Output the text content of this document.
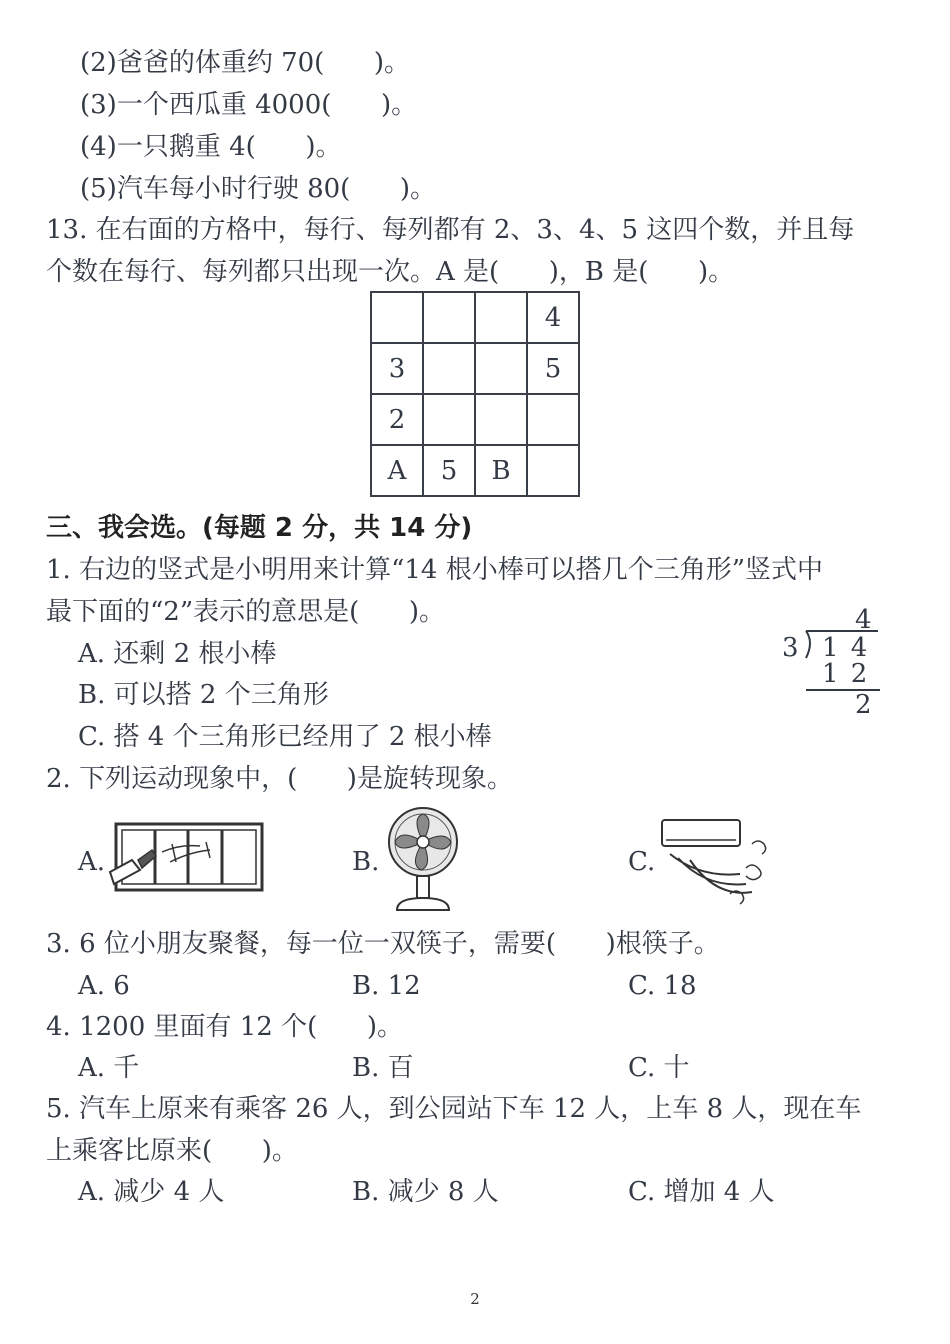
(2)爸爸的体重约 70(      )。
(3)一个西瓜重 4000(      )。
(4)一只鹅重 4(      )。
(5)汽车每小时行驶 80(      )。
13. 在右面的方格中，每行、每列都有 2、3、4、5 这四个数，并且每
个数在每行、每列都只出现一次。A 是(      )，B 是(      )。
			4
3			5
2			
A	5	B	
三、我会选。(每题 2 分，共 14 分)
1. 右边的竖式是小明用来计算“14 根小棒可以搭几个三角形”竖式中
最下面的“2”表示的意思是(      )。
A. 还剩 2 根小棒
B. 可以搭 2 个三角形
C. 搭 4 个三角形已经用了 2 根小棒
4
3 1 4
1 2
2
2. 下列运动现象中，(      )是旋转现象。
A.	B.	C.
3. 6 位小朋友聚餐，每一位一双筷子，需要(      )根筷子。
A. 6	B. 12	C. 18
4. 1200 里面有 12 个(      )。
A. 千	B. 百	C. 十
5. 汽车上原来有乘客 26 人，到公园站下车 12 人，上车 8 人，现在车
上乘客比原来(      )。
A. 减少 4 人	B. 减少 8 人	C. 增加 4 人
2
